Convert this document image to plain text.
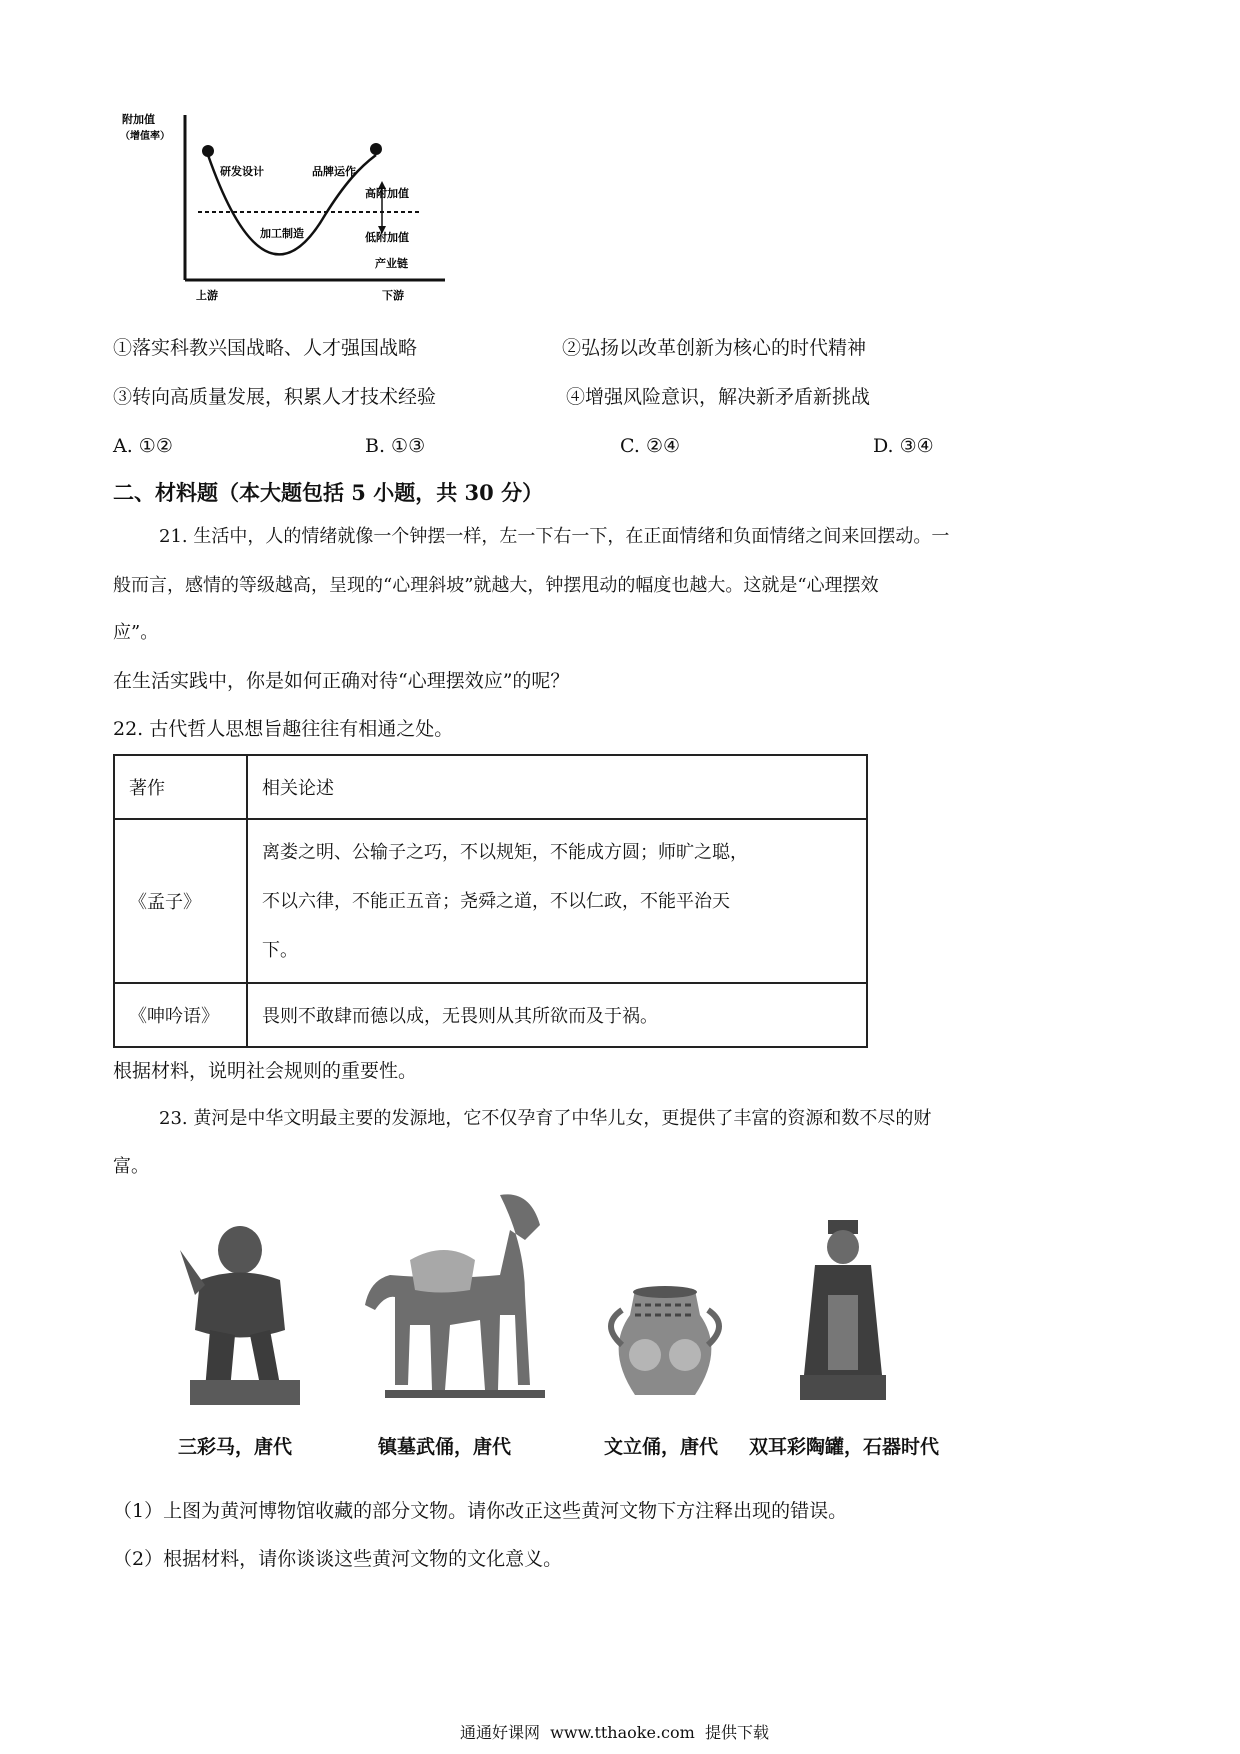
附加值
（增值率）
研发设计	品牌运作
高附加值
低附加值
加工制造
产业链
上游	下游
①落实科教兴国战略、人才强国战略	②弘扬以改革创新为核心的时代精神
③转向高质量发展，积累人才技术经验	④增强风险意识，解决新矛盾新挑战
A. ①②	B. ①③	C. ②④	D. ③④
二、材料题（本大题包括 5 小题，共 30 分）
21. 生活中，人的情绪就像一个钟摆一样，左一下右一下，在正面情绪和负面情绪之间来回摆动。一
般而言，感情的等级越高，呈现的“心理斜坡”就越大，钟摆甩动的幅度也越大。这就是“心理摆效
应”。
在生活实践中，你是如何正确对待“心理摆效应”的呢？
22. 古代哲人思想旨趣往往有相通之处。
著作	相关论述
《孟子》	离娄之明、公输子之巧，不以规矩，不能成方圆；师旷之聪，
不以六律，不能正五音；尧舜之道，不以仁政，不能平治天
下。

《呻吟语》	畏则不敢肆而德以成，无畏则从其所欲而及于祸。
根据材料，说明社会规则的重要性。
23. 黄河是中华文明最主要的发源地，它不仅孕育了中华儿女，更提供了丰富的资源和数不尽的财
富。
三彩马，唐代	镇墓武俑，唐代	文立俑，唐代 双耳彩陶罐，石器时代
（1）上图为黄河博物馆收藏的部分文物。请你改正这些黄河文物下方注释出现的错误。
（2）根据材料，请你谈谈这些黄河文物的文化意义。
通通好课网  www.tthaoke.com  提供下载
